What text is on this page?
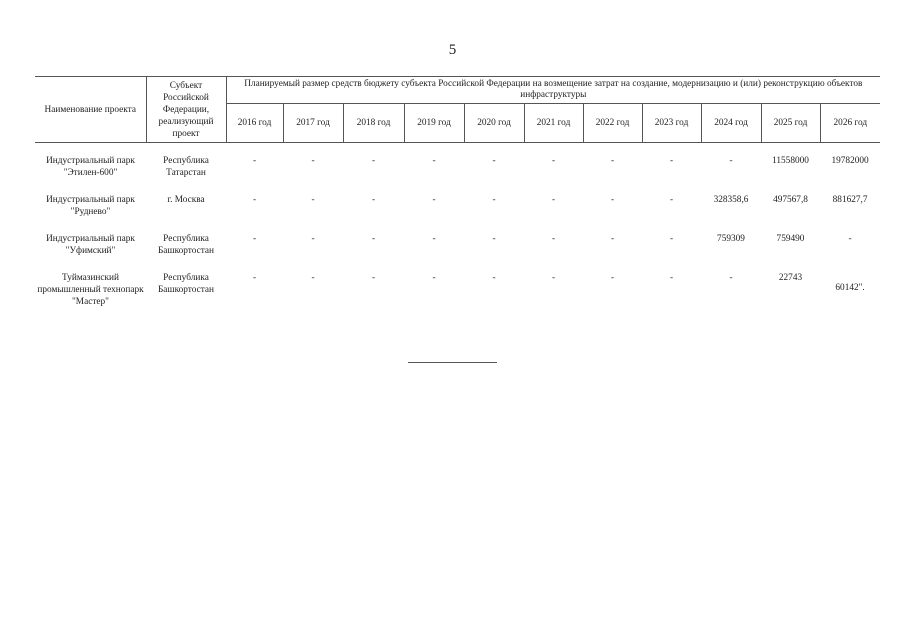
5
Наименование проекта	Субъект Российской Федерации, реализующий проект	Планируемый размер средств бюджету субъекта Российской Федерации на возмещение затрат на создание, модернизацию и (или) реконструкцию объектов инфраструктуры										
		2016 год	2017 год	2018 год	2019 год	2020 год	2021 год	2022 год	2023 год	2024 год	2025 год	2026 год

Индустриальный парк "Этилен-600"	Республика Татарстан	-	-	-	-	-	-	-	-	-	11558000	19782000
Индустриальный парк "Руднево"	г. Москва	-	-	-	-	-	-	-	-	328358,6	497567,8	881627,7
Индустриальный парк "Уфимский"	Республика Башкортостан	-	-	-	-	-	-	-	-	759309	759490	-
Туймазинский промышленный технопарк "Мастер"	Республика Башкортостан	-	-	-	-	-	-	-	-	-	22743	60142".
